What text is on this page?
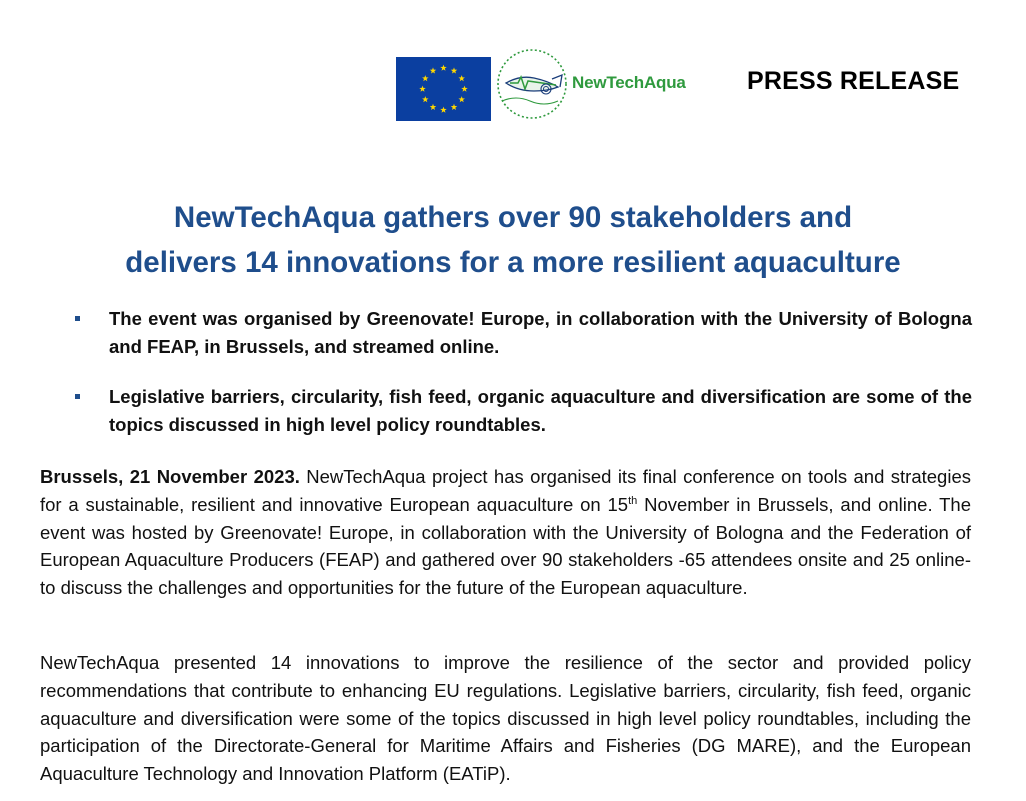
NewTechAqua PRESS RELEASE
NewTechAqua gathers over 90 stakeholders and
delivers 14 innovations for a more resilient aquaculture
The event was organised by Greenovate! Europe, in collaboration with the University of Bologna and FEAP, in Brussels, and streamed online.
Legislative barriers, circularity, fish feed, organic aquaculture and diversification are some of the topics discussed in high level policy roundtables.

Brussels, 21 November 2023. NewTechAqua project has organised its final conference on tools and strategies for a sustainable, resilient and innovative European aquaculture on 15th November in Brussels, and online. The event was hosted by Greenovate! Europe, in collaboration with the University of Bologna and the Federation of European Aquaculture Producers (FEAP) and gathered over 90 stakeholders -65 attendees onsite and 25 online- to discuss the challenges and opportunities for the future of the European aquaculture.

NewTechAqua presented 14 innovations to improve the resilience of the sector and provided policy recommendations that contribute to enhancing EU regulations. Legislative barriers, circularity, fish feed, organic aquaculture and diversification were some of the topics discussed in high level policy roundtables, including the participation of the Directorate-General for Maritime Affairs and Fisheries (DG MARE), and the European Aquaculture Technology and Innovation Platform (EATiP).
